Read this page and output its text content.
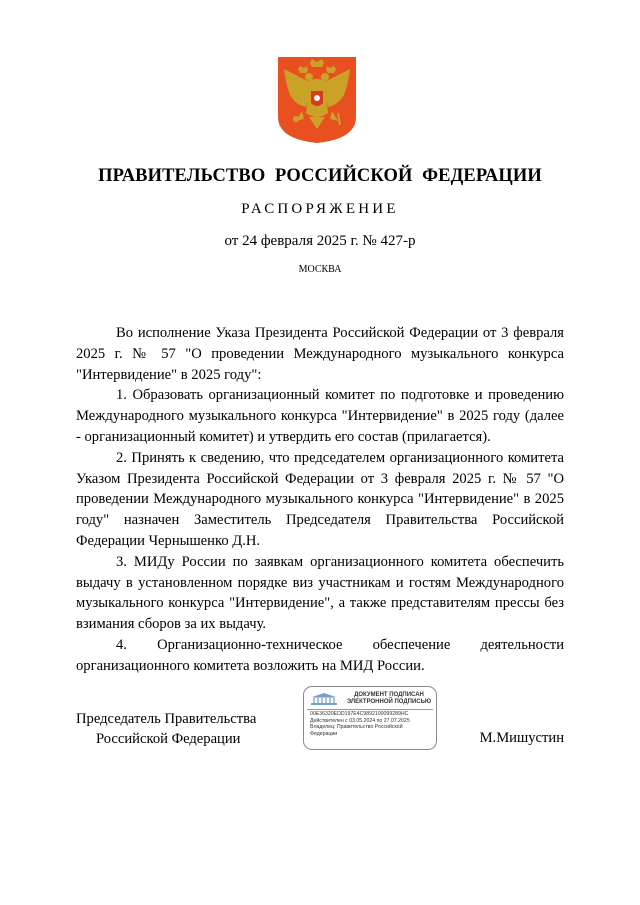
ПРАВИТЕЛЬСТВО РОССИЙСКОЙ ФЕДЕРАЦИИ
РАСПОРЯЖЕНИЕ
от 24 февраля 2025 г. № 427-р
МОСКВА

Во исполнение Указа Президента Российской Федерации от 3 февраля 2025 г. № 57 "О проведении Международного музыкального конкурса "Интервидение" в 2025 году":

1. Образовать организационный комитет по подготовке и проведению Международного музыкального конкурса "Интервидение" в 2025 году (далее - организационный комитет) и утвердить его состав (прилагается).

2. Принять к сведению, что председателем организационного комитета Указом Президента Российской Федерации от 3 февраля 2025 г. № 57 "О проведении Международного музыкального конкурса "Интервидение" в 2025 году" назначен Заместитель Председателя Правительства Российской Федерации Чернышенко Д.Н.

3. МИДу России по заявкам организационного комитета обеспечить выдачу в установленном порядке виз участникам и гостям Международного музыкального конкурса "Интервидение", а также представителям прессы без взимания сборов за их выдачу.

4. Организационно-техническое обеспечение деятельности организационного комитета возложить на МИД России.

Председатель Правительства
Российской Федерации
ДОКУМЕНТ ПОДПИСАН
ЭЛЕКТРОННОЙ ПОДПИСЬЮ
00E36320EDD197E4C9892100099289HC
Действителен с 03.05.2024 по 27.07.2025
Владелец: Правительство Российской
Федерации	М.Мишустин
